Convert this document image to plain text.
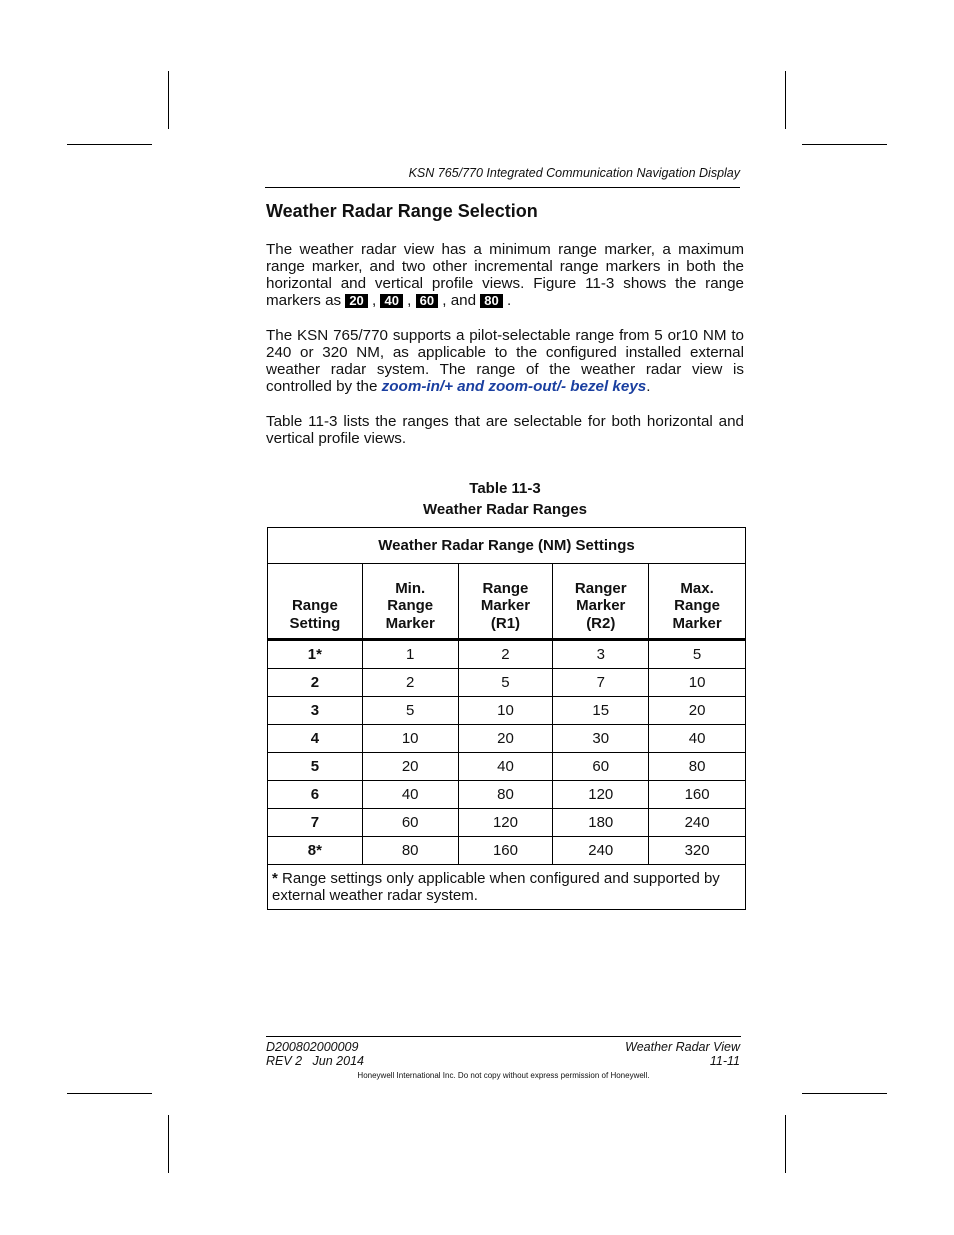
KSN 765/770 Integrated Communication Navigation Display
Weather Radar Range Selection

The weather radar view has a minimum range marker, a maximum range marker, and two other incremental range markers in both the horizontal and vertical profile views. Figure 11-3 shows the range markers as 20 , 40 , 60 , and 80 .

The KSN 765/770 supports a pilot-selectable range from 5 or10 NM to 240 or 320 NM, as applicable to the configured installed external weather radar system. The range of the weather radar view is controlled by the zoom-in/+ and zoom-out/- bezel keys.

Table 11-3 lists the ranges that are selectable for both horizontal and vertical profile views.

Table 11-3

Weather Radar Ranges

Weather Radar Range (NM) Settings				
Range
Setting	Min.
Range
Marker	Range
Marker
(R1)	Ranger
Marker
(R2)	Max.
Range
Marker
1*	1	2	3	5
2	2	5	7	10
3	5	10	15	20
4	10	20	30	40
5	20	40	60	80
6	40	80	120	160
7	60	120	180	240
8*	80	160	240	320
* Range settings only applicable when configured and supported by external weather radar system.				
D200802000009
REV 2   Jun 2014
Weather Radar View
11-11
Honeywell International Inc. Do not copy without express permission of Honeywell.
